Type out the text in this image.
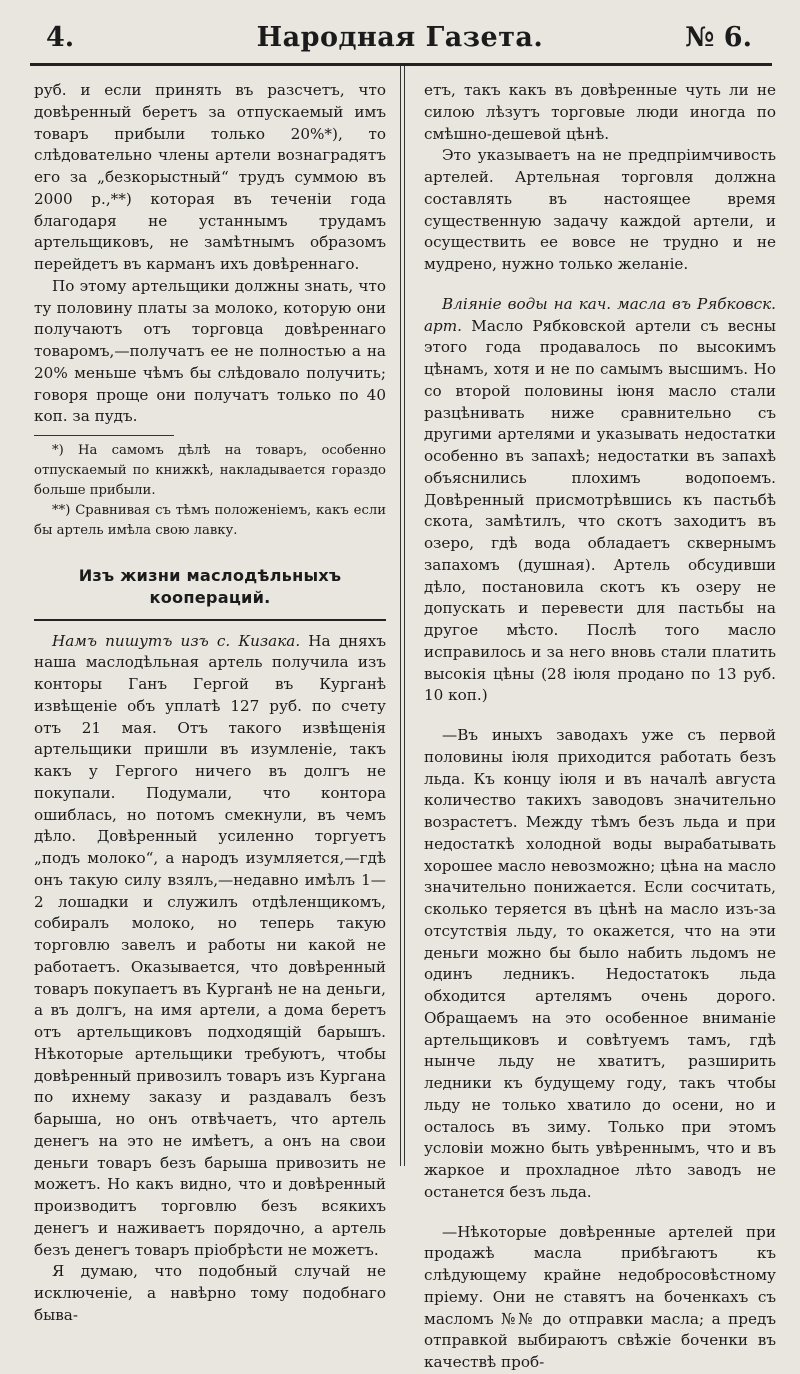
4.	Народная Газета.	№ 6.

руб. и если принять въ разсчетъ, что довѣренный беретъ за отпускаемый имъ товаръ прибыли только 20%*), то слѣдовательно члены артели вознаградятъ его за „безкорыстный“ трудъ суммою въ 2000 р.,**) которая въ теченіи года благодаря не устаннымъ трудамъ артельщиковъ, не замѣтнымъ образомъ перейдетъ въ карманъ ихъ довѣреннаго.

По этому артельщики должны знать, что ту половину платы за молоко, которую они получаютъ отъ торговца довѣреннаго товаромъ,—получатъ ее не полностью а на 20% меньше чѣмъ бы слѣдовало получить; говоря проще они получатъ только по 40 коп. за пудъ.

*) На самомъ дѣлѣ на товаръ, особенно отпускаемый по книжкѣ, накладывается гораздо больше прибыли.

**) Сравнивая съ тѣмъ положеніемъ, какъ если бы артель имѣла свою лавку.

Изъ жизни маслодѣльныхъ коопераций.

Намъ пишутъ изъ с. Кизака. На дняхъ наша маслодѣльная артель получила изъ конторы Ганъ Гергой въ Курганѣ извѣщеніе объ уплатѣ 127 руб. по счету отъ 21 мая. Отъ такого извѣщенія артельщики пришли въ изумленіе, такъ какъ у Гергого ничего въ долгъ не покупали. Подумали, что контора ошиблась, но потомъ смекнули, въ чемъ дѣло. Довѣренный усиленно торгуетъ „подъ молоко“, а народъ изумляется,—гдѣ онъ такую силу взялъ,—недавно имѣлъ 1—2 лошадки и служилъ отдѣленщикомъ, собиралъ молоко, но теперь такую торговлю завелъ и работы ни какой не работаетъ. Оказывается, что довѣренный товаръ покупаетъ въ Курганѣ не на деньги, а въ долгъ, на имя артели, а дома беретъ отъ артельщиковъ подходящій барышъ. Нѣкоторые артельщики требуютъ, чтобы довѣренный привозилъ товаръ изъ Кургана по ихнему заказу и раздавалъ безъ барыша, но онъ отвѣчаетъ, что артель денегъ на это не имѣетъ, а онъ на свои деньги товаръ безъ барыша привозить не можетъ. Но какъ видно, что и довѣренный производитъ торговлю безъ всякихъ денегъ и наживаетъ порядочно, а артель безъ денегъ товаръ пріобрѣсти не можетъ.

Я думаю, что подобный случай не исключеніе, а навѣрно тому подобнаго быва-

етъ, такъ какъ въ довѣренные чуть ли не силою лѣзутъ торговые люди иногда по смѣшно-дешевой цѣнѣ.

Это указываетъ на не предпріимчивость артелей. Артельная торговля должна составлять въ настоящее время существенную задачу каждой артели, и осуществить ее вовсе не трудно и не мудрено, нужно только желаніе.

Вліяніе воды на кач. масла въ Рябковск. арт. Масло Рябковской артели съ весны этого года продавалось по высокимъ цѣнамъ, хотя и не по самымъ высшимъ. Но со второй половины іюня масло стали разцѣнивать ниже сравнительно съ другими артелями и указывать недостатки особенно въ запахѣ; недостатки въ запахѣ объяснились плохимъ водопоемъ. Довѣренный присмотрѣвшись къ пастьбѣ скота, замѣтилъ, что скотъ заходитъ въ озеро, гдѣ вода обладаетъ сквернымъ запахомъ (душная). Артель обсудивши дѣло, постановила скотъ къ озеру не допускать и перевести для пастьбы на другое мѣсто. Послѣ того масло исправилось и за него вновь стали платить высокія цѣны (28 іюля продано по 13 руб. 10 коп.)

—Въ иныхъ заводахъ уже съ первой половины іюля приходится работать безъ льда. Къ концу іюля и въ началѣ августа количество такихъ заводовъ значительно возрастетъ. Между тѣмъ безъ льда и при недостаткѣ холодной воды вырабатывать хорошее масло невозможно; цѣна на масло значительно понижается. Если сосчитать, сколько теряется въ цѣнѣ на масло изъ-за отсутствія льду, то окажется, что на эти деньги можно бы было набить льдомъ не одинъ ледникъ. Недостатокъ льда обходится артелямъ очень дорого. Обращаемъ на это особенное вниманіе артельщиковъ и совѣтуемъ тамъ, гдѣ нынче льду не хватитъ, разширить ледники къ будущему году, такъ чтобы льду не только хватило до осени, но и осталось въ зиму. Только при этомъ условіи можно быть увѣреннымъ, что и въ жаркое и прохладное лѣто заводъ не останется безъ льда.

—Нѣкоторые довѣренные артелей при продажѣ масла прибѣгаютъ къ слѣдующему крайне недобросовѣстному пріему. Они не ставятъ на боченкахъ съ масломъ №№ до отправки масла; а предъ отправкой выбираютъ свѣжіе боченки въ качествѣ проб-
